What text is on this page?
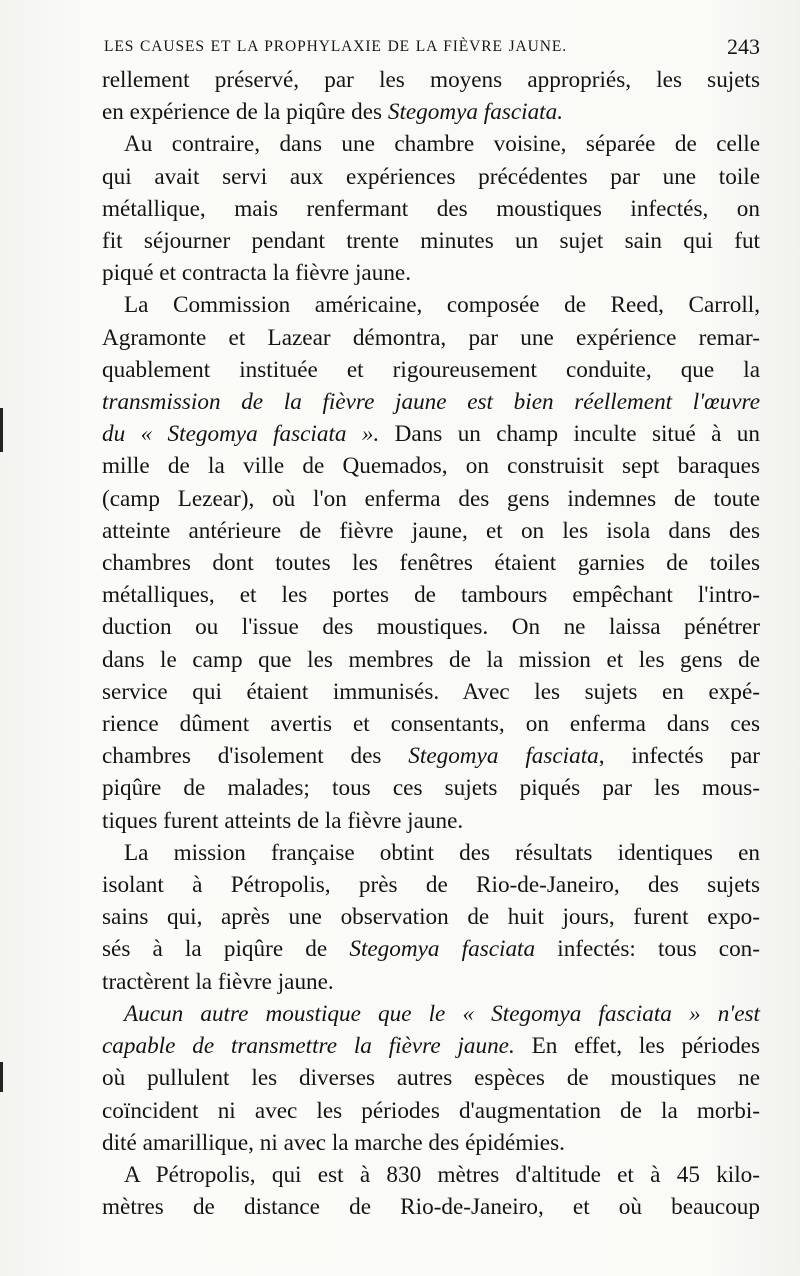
LES CAUSES ET LA PROPHYLAXIE DE LA FIÈVRE JAUNE.	243

rellement préservé, par les moyens appropriés, les sujets
en expérience de la piqûre des Stegomya fasciata.

Au contraire, dans une chambre voisine, séparée de celle
qui avait servi aux expériences précédentes par une toile
métallique, mais renfermant des moustiques infectés, on
fit séjourner pendant trente minutes un sujet sain qui fut
piqué et contracta la fièvre jaune.

La Commission américaine, composée de Reed, Carroll,
Agramonte et Lazear démontra, par une expérience remar-
quablement instituée et rigoureusement conduite, que la
transmission de la fièvre jaune est bien réellement l'œuvre
du « Stegomya fasciata ». Dans un champ inculte situé à un
mille de la ville de Quemados, on construisit sept baraques
(camp Lezear), où l'on enferma des gens indemnes de toute
atteinte antérieure de fièvre jaune, et on les isola dans des
chambres dont toutes les fenêtres étaient garnies de toiles
métalliques, et les portes de tambours empêchant l'intro-
duction ou l'issue des moustiques. On ne laissa pénétrer
dans le camp que les membres de la mission et les gens de
service qui étaient immunisés. Avec les sujets en expé-
rience dûment avertis et consentants, on enferma dans ces
chambres d'isolement des Stegomya fasciata, infectés par
piqûre de malades; tous ces sujets piqués par les mous-
tiques furent atteints de la fièvre jaune.

La mission française obtint des résultats identiques en
isolant à Pétropolis, près de Rio-de-Janeiro, des sujets
sains qui, après une observation de huit jours, furent expo-
sés à la piqûre de Stegomya fasciata infectés: tous con-
tractèrent la fièvre jaune.

Aucun autre moustique que le « Stegomya fasciata » n'est
capable de transmettre la fièvre jaune. En effet, les périodes
où pullulent les diverses autres espèces de moustiques ne
coïncident ni avec les périodes d'augmentation de la morbi-
dité amarillique, ni avec la marche des épidémies.

A Pétropolis, qui est à 830 mètres d'altitude et à 45 kilo-
mètres de distance de Rio-de-Janeiro, et où beaucoup
